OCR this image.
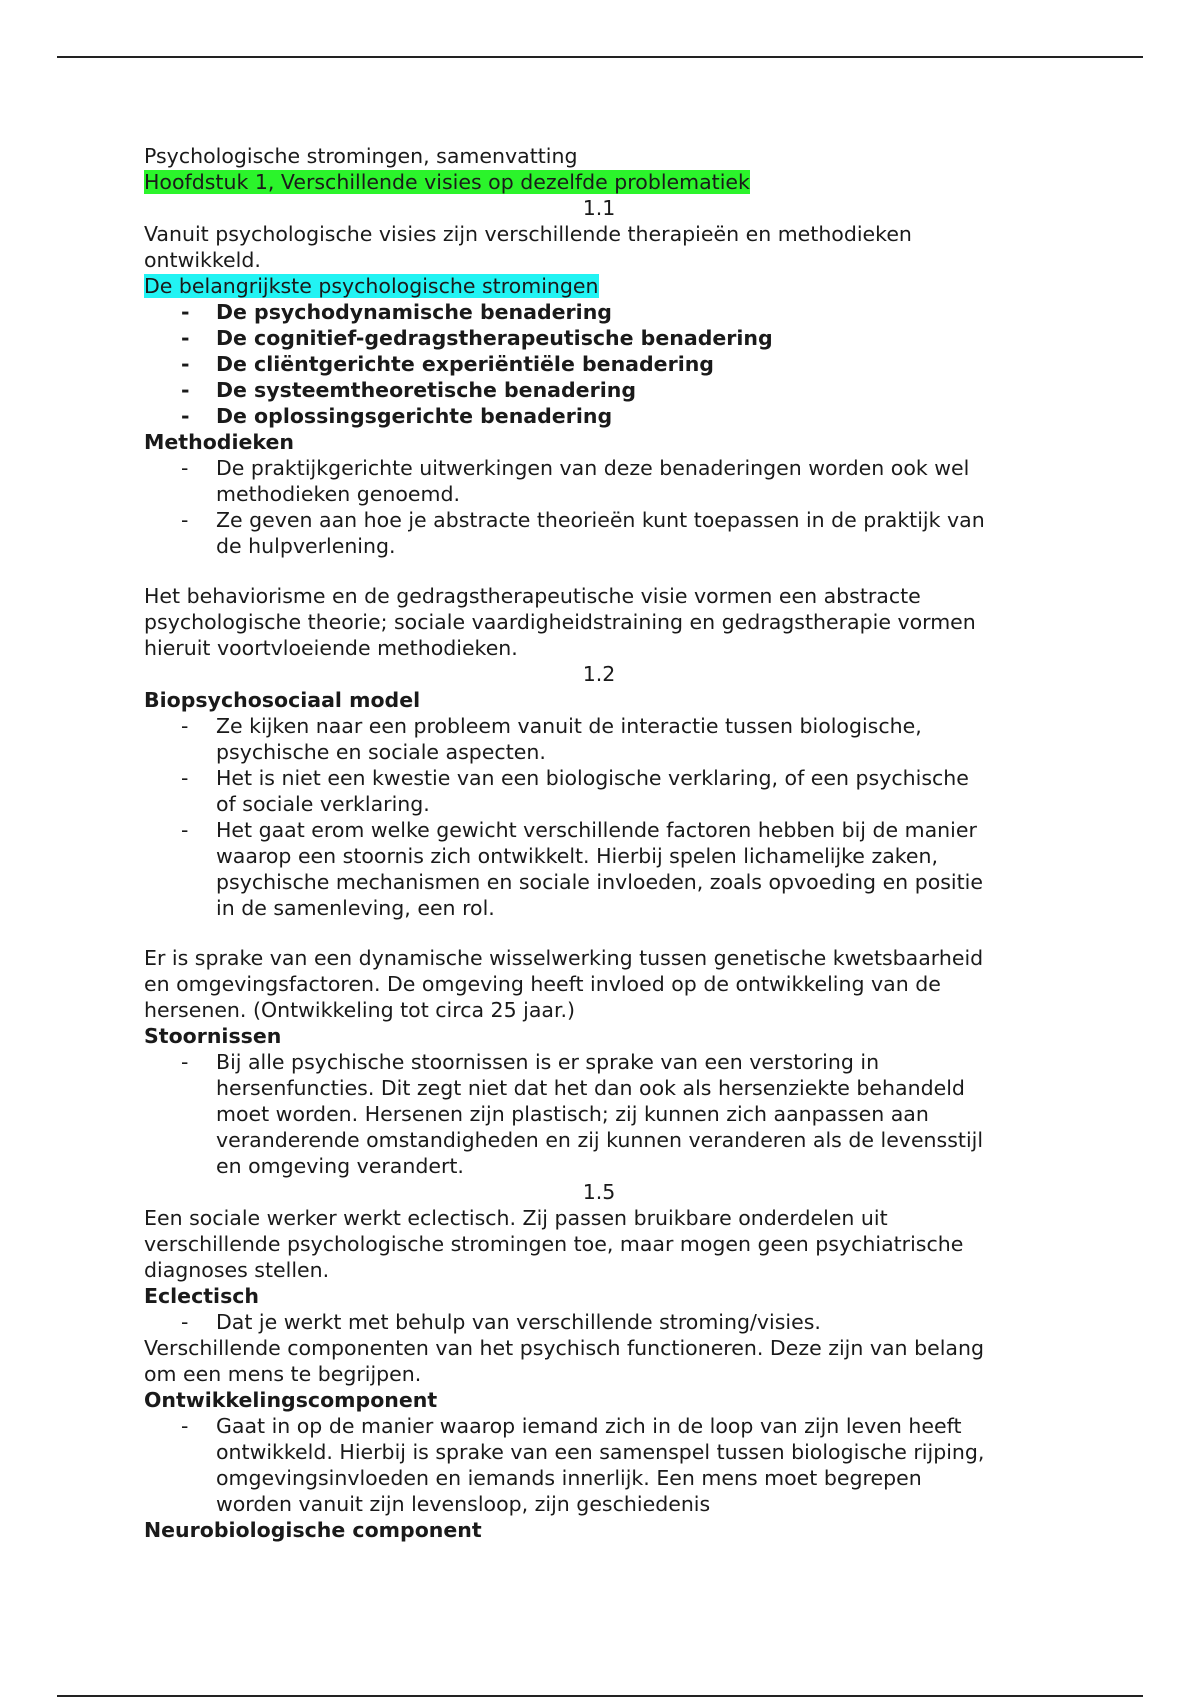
Psychologische stromingen, samenvatting
Hoofdstuk 1, Verschillende visies op dezelfde problematiek
1.1
Vanuit psychologische visies zijn verschillende therapieën en methodieken
ontwikkeld.
De belangrijkste psychologische stromingen
- De psychodynamische benadering
- De cognitief-gedragstherapeutische benadering
- De cliëntgerichte experiëntiële benadering
- De systeemtheoretische benadering
- De oplossingsgerichte benadering
Methodieken
- De praktijkgerichte uitwerkingen van deze benaderingen worden ook wel
methodieken genoemd.
- Ze geven aan hoe je abstracte theorieën kunt toepassen in de praktijk van
de hulpverlening.
Het behaviorisme en de gedragstherapeutische visie vormen een abstracte
psychologische theorie; sociale vaardigheidstraining en gedragstherapie vormen
hieruit voortvloeiende methodieken.
1.2
Biopsychosociaal model
- Ze kijken naar een probleem vanuit de interactie tussen biologische,
psychische en sociale aspecten.
- Het is niet een kwestie van een biologische verklaring, of een psychische
of sociale verklaring.
- Het gaat erom welke gewicht verschillende factoren hebben bij de manier
waarop een stoornis zich ontwikkelt. Hierbij spelen lichamelijke zaken,
psychische mechanismen en sociale invloeden, zoals opvoeding en positie
in de samenleving, een rol.
Er is sprake van een dynamische wisselwerking tussen genetische kwetsbaarheid
en omgevingsfactoren. De omgeving heeft invloed op de ontwikkeling van de
hersenen. (Ontwikkeling tot circa 25 jaar.)
Stoornissen
- Bij alle psychische stoornissen is er sprake van een verstoring in
hersenfuncties. Dit zegt niet dat het dan ook als hersenziekte behandeld
moet worden. Hersenen zijn plastisch; zij kunnen zich aanpassen aan
veranderende omstandigheden en zij kunnen veranderen als de levensstijl
en omgeving verandert.
1.5
Een sociale werker werkt eclectisch. Zij passen bruikbare onderdelen uit
verschillende psychologische stromingen toe, maar mogen geen psychiatrische
diagnoses stellen.
Eclectisch
- Dat je werkt met behulp van verschillende stroming/visies.
Verschillende componenten van het psychisch functioneren. Deze zijn van belang
om een mens te begrijpen.
Ontwikkelingscomponent
- Gaat in op de manier waarop iemand zich in de loop van zijn leven heeft
ontwikkeld. Hierbij is sprake van een samenspel tussen biologische rijping,
omgevingsinvloeden en iemands innerlijk. Een mens moet begrepen
worden vanuit zijn levensloop, zijn geschiedenis
Neurobiologische component
